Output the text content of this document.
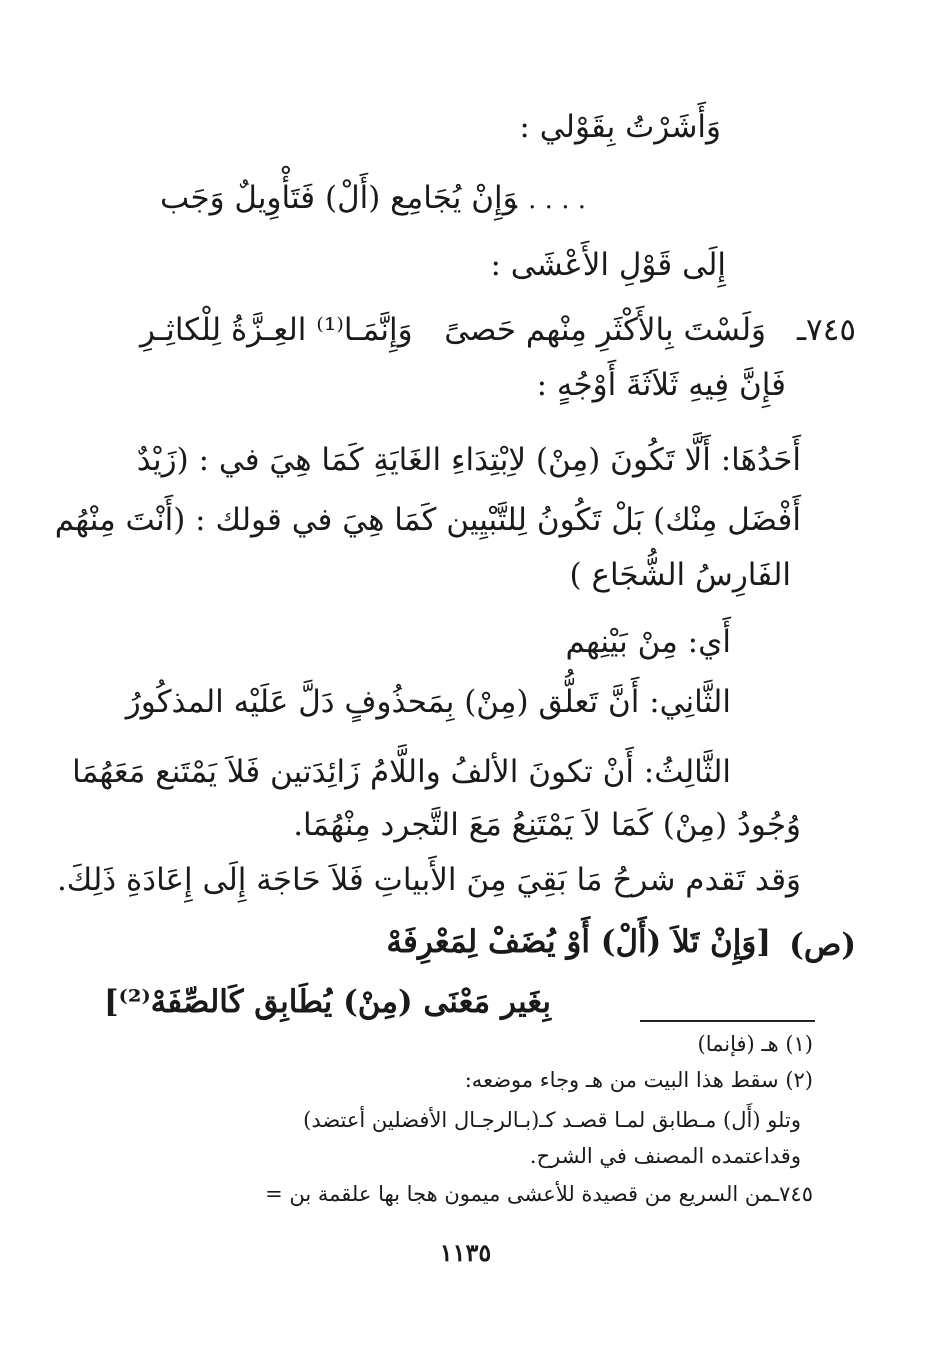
وَأَشَرْتُ بِقَوْلي :
. . . . .
وَإِنْ يُجَامِع (أَلْ) فَتَأْوِيلٌ وَجَب
إِلَى قَوْلِ الأَعْشَى :
٧٤٥ـ
وَلَسْتَ بِالأَكْثَرِ مِنْهم حَصىً
وَإِنَّمَـا⁽¹⁾ العِـزَّةُ لِلْكاثِـرِ
فَإِنَّ فِيهِ ثَلاَثَةَ أَوْجُهٍ :
أَحَدُهَا: أَلَّا تَكُونَ (مِنْ) لاِبْتِدَاءِ الغَايَةِ كَمَا هِيَ في : (زَيْدٌ
أَفْضَل مِنْك) بَلْ تَكُونُ لِلتَّبْيِين كَمَا هِيَ في قولك : (أَنْتَ مِنْهُم
الفَارِسُ الشُّجَاع )
أَي: مِنْ بَيْنِهم
الثَّانِي: أَنَّ تَعلُّق (مِنْ) بِمَحذُوفٍ دَلَّ عَلَيْه المذكُورُ
الثَّالِثُ: أَنْ تكونَ الألفُ واللَّامُ زَائِدَتين فَلاَ يَمْتَنع مَعَهُمَا
وُجُودُ (مِنْ) كَمَا لاَ يَمْتَنِعُ مَعَ التَّجرد مِنْهُمَا.
وَقد تَقدم شرحُ مَا بَقِيَ مِنَ الأَبياتِ فَلاَ حَاجَة إِلَى إِعَادَةِ ذَلِكَ.
(ص)
[وَإِنْ تَلاَ (أَلْ) أَوْ يُضَفْ لِمَعْرِفَهْ
بِغَير مَعْنَى (مِنْ) يُطَابِق كَالصِّفَهْ⁽²⁾]
(١) هـ (فإنما)
(٢) سقط هذا البيت من هـ وجاء موضعه:
وتلو (أَل) مـطابق لمـا قصـد كـ(بـالرجـال الأفضلين أعتضد)
وقداعتمده المصنف في الشرح.
٧٤٥ـمن السريع من قصيدة للأعشى ميمون هجا بها علقمة بن =
١١٣٥
